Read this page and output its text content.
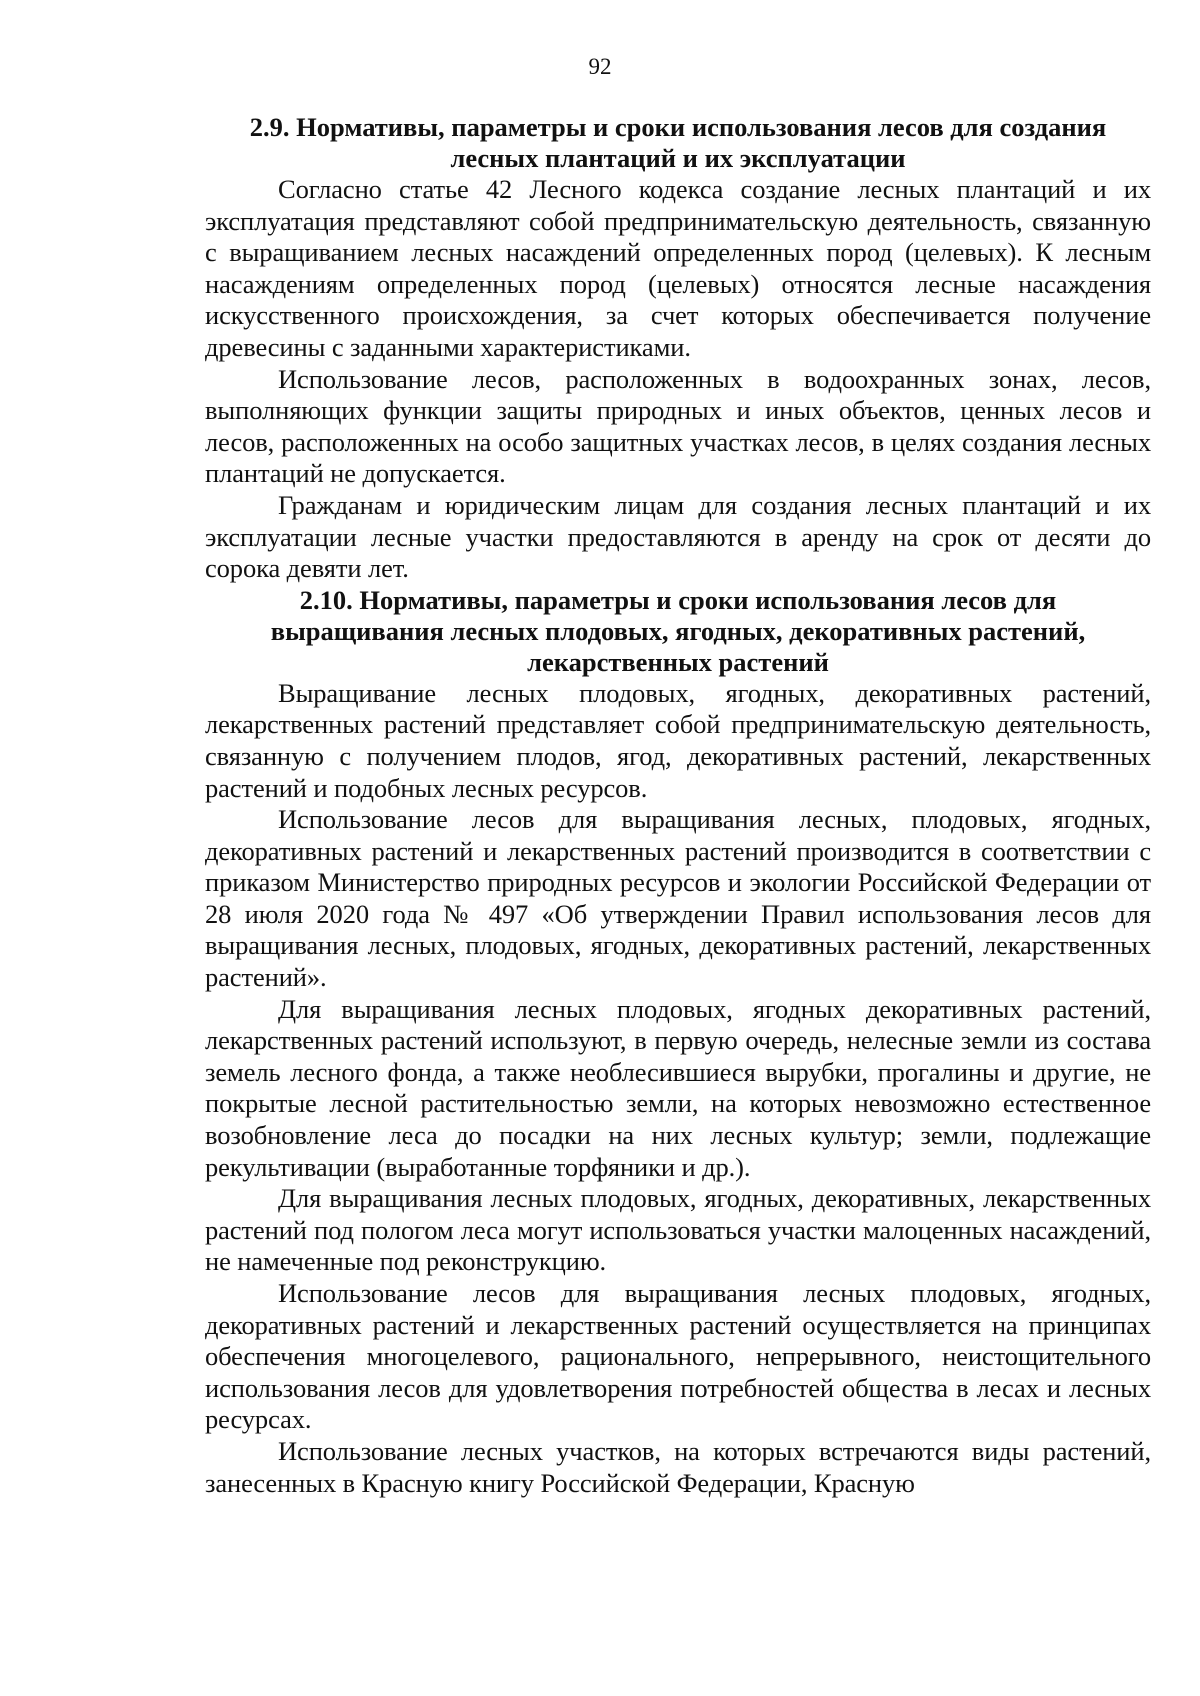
92
2.9. Нормативы, параметры и сроки использования лесов для создания
лесных плантаций и их эксплуатации

Согласно статье 42 Лесного кодекса создание лесных плантаций и их эксплуатация представляют собой предпринимательскую деятельность, связанную с выращиванием лесных насаждений определенных пород (целевых). К лесным насаждениям определенных пород (целевых) относятся лесные насаждения искусственного происхождения, за счет которых обеспечивается получение древесины с заданными характеристиками.

Использование лесов, расположенных в водоохранных зонах, лесов, выполняющих функции защиты природных и иных объектов, ценных лесов и лесов, расположенных на особо защитных участках лесов, в целях создания лесных плантаций не допускается.

Гражданам и юридическим лицам для создания лесных плантаций и их эксплуатации лесные участки предоставляются в аренду на срок от десяти до сорока девяти лет.

2.10. Нормативы, параметры и сроки использования лесов для
выращивания лесных плодовых, ягодных, декоративных растений,
лекарственных растений

Выращивание лесных плодовых, ягодных, декоративных растений, лекарственных растений представляет собой предпринимательскую деятельность, связанную с получением плодов, ягод, декоративных растений, лекарственных растений и подобных лесных ресурсов.

Использование лесов для выращивания лесных, плодовых, ягодных, декоративных растений и лекарственных растений производится в соответствии с приказом Министерство природных ресурсов и экологии Российской Федерации от 28 июля 2020 года № 497 «Об утверждении Правил использования лесов для выращивания лесных, плодовых, ягодных, декоративных растений, лекарственных растений».

Для выращивания лесных плодовых, ягодных декоративных растений, лекарственных растений используют, в первую очередь, нелесные земли из состава земель лесного фонда, а также необлесившиеся вырубки, прогалины и другие, не покрытые лесной растительностью земли, на которых невозможно естественное возобновление леса до посадки на них лесных культур; земли, подлежащие рекультивации (выработанные торфяники и др.).

Для выращивания лесных плодовых, ягодных, декоративных, лекарственных растений под пологом леса могут использоваться участки малоценных насаждений, не намеченные под реконструкцию.

Использование лесов для выращивания лесных плодовых, ягодных, декоративных растений и лекарственных растений осуществляется на принципах обеспечения многоцелевого, рационального, непрерывного, неистощительного использования лесов для удовлетворения потребностей общества в лесах и лесных ресурсах.

Использование лесных участков, на которых встречаются виды растений, занесенных в Красную книгу Российской Федерации, Красную
